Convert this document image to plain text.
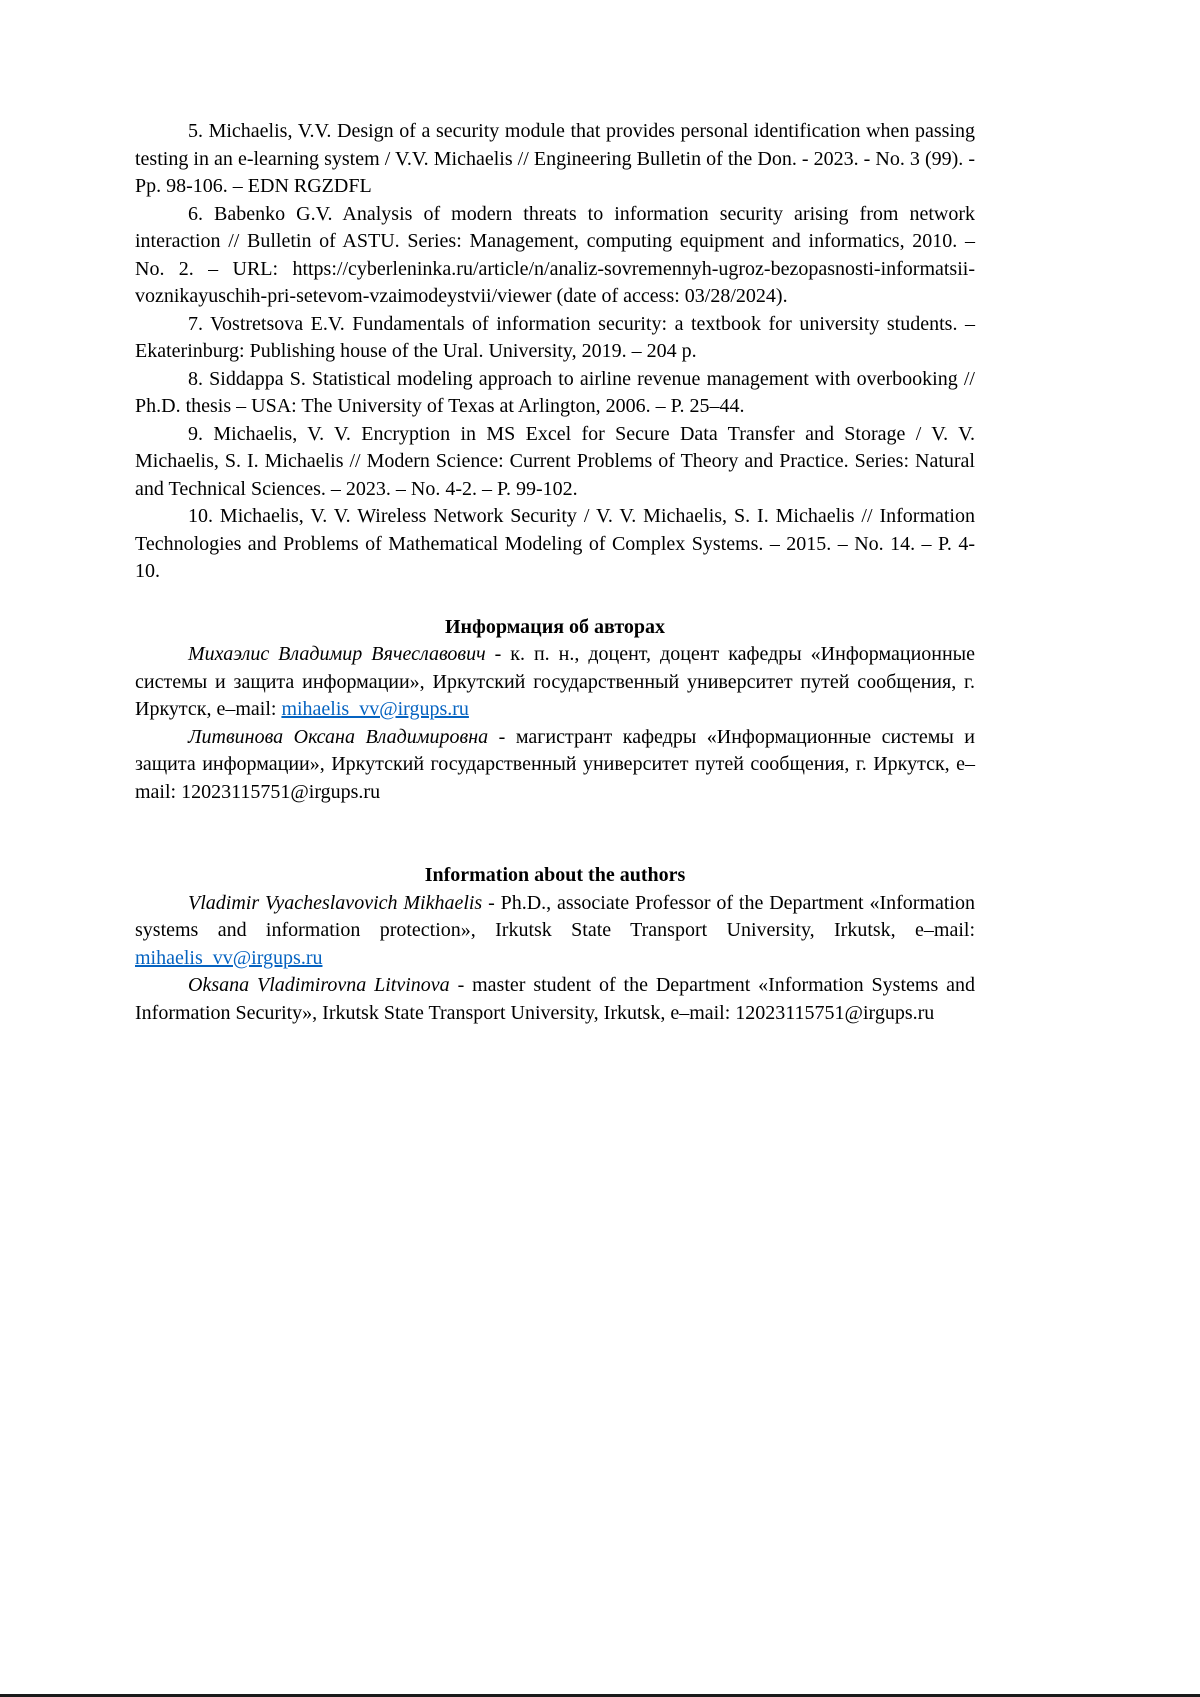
5. Michaelis, V.V. Design of a security module that provides personal identification when passing testing in an e-learning system / V.V. Michaelis // Engineering Bulletin of the Don. - 2023. - No. 3 (99). - Pp. 98-106. – EDN RGZDFL

6. Babenko G.V. Analysis of modern threats to information security arising from network interaction // Bulletin of ASTU. Series: Management, computing equipment and informatics, 2010. – No. 2. – URL: https://cyberleninka.ru/article/n/analiz-sovremennyh-ugroz-bezopasnosti-informatsii-voznikayuschih-pri-setevom-vzaimodeystvii/viewer (date of access: 03/28/2024).

7. Vostretsova E.V. Fundamentals of information security: a textbook for university students. – Ekaterinburg: Publishing house of the Ural. University, 2019. – 204 p.

8. Siddappa S. Statistical modeling approach to airline revenue management with overbooking // Ph.D. thesis – USA: The University of Texas at Arlington, 2006. – P. 25–44.

9. Michaelis, V. V. Encryption in MS Excel for Secure Data Transfer and Storage / V. V. Michaelis, S. I. Michaelis // Modern Science: Current Problems of Theory and Practice. Series: Natural and Technical Sciences. – 2023. – No. 4-2. – P. 99-102.

10. Michaelis, V. V. Wireless Network Security / V. V. Michaelis, S. I. Michaelis // Information Technologies and Problems of Mathematical Modeling of Complex Systems. – 2015. – No. 14. – P. 4-10.

Информация об авторах

Михаэлис Владимир Вячеславович - к. п. н., доцент, доцент кафедры «Информационные системы и защита информации», Иркутский государственный университет путей сообщения, г. Иркутск, e–mail: mihaelis_vv@irgups.ru

Литвинова Оксана Владимировна - магистрант кафедры «Информационные системы и защита информации», Иркутский государственный университет путей сообщения, г. Иркутск, e–mail: 12023115751@irgups.ru

Information about the authors

Vladimir Vyacheslavovich Mikhaelis - Ph.D., associate Professor of the Department «Information systems and information protection», Irkutsk State Transport University, Irkutsk, e–mail: mihaelis_vv@irgups.ru

Oksana Vladimirovna Litvinova - master student of the Department «Information Systems and Information Security», Irkutsk State Transport University, Irkutsk, e–mail: 12023115751@irgups.ru
